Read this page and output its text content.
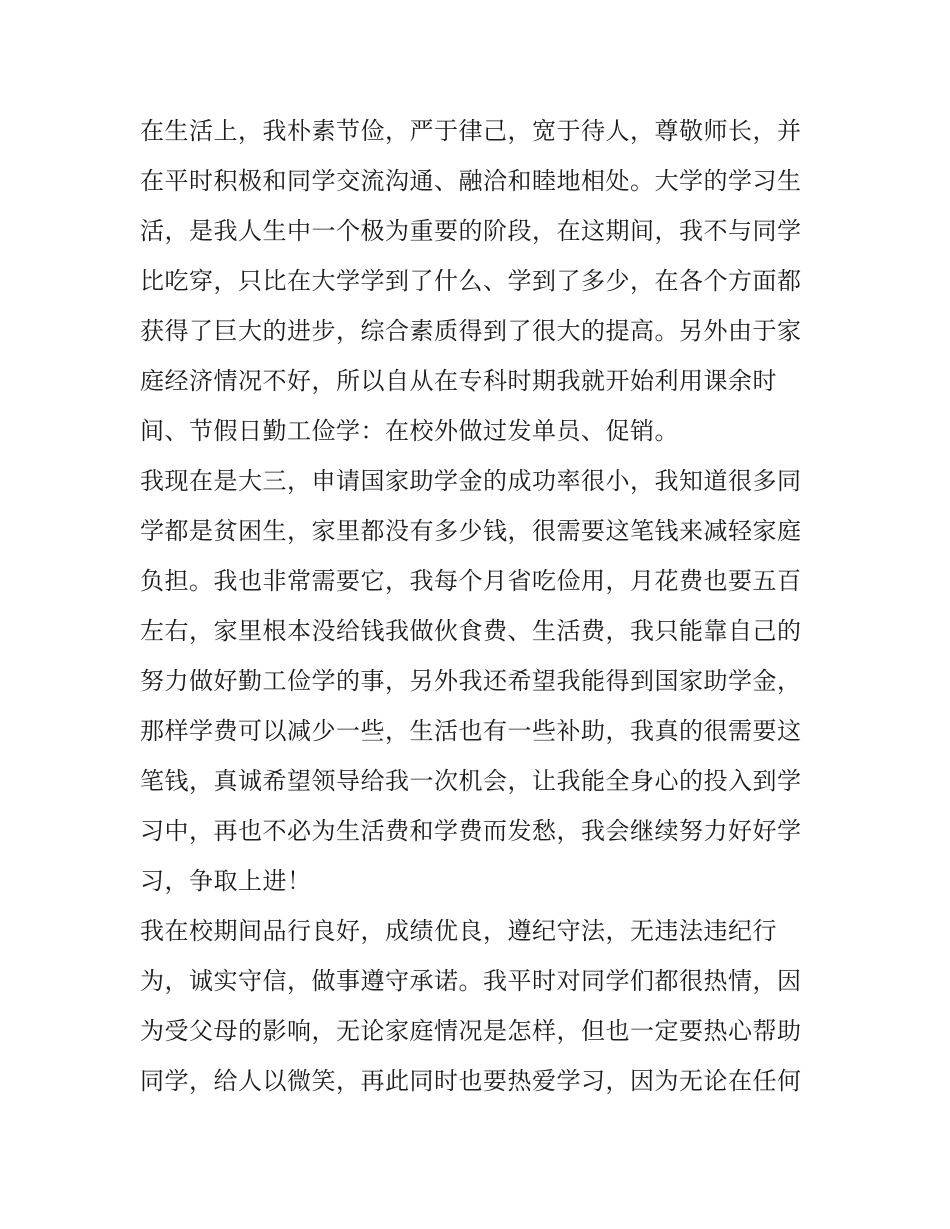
在生活上，我朴素节俭，严于律己，宽于待人，尊敬师长，并
在平时积极和同学交流沟通、融洽和睦地相处。大学的学习生
活，是我人生中一个极为重要的阶段，在这期间，我不与同学
比吃穿，只比在大学学到了什么、学到了多少，在各个方面都
获得了巨大的进步，综合素质得到了很大的提高。另外由于家
庭经济情况不好，所以自从在专科时期我就开始利用课余时
间、节假日勤工俭学：在校外做过发单员、促销。
我现在是大三，申请国家助学金的成功率很小，我知道很多同
学都是贫困生，家里都没有多少钱，很需要这笔钱来减轻家庭
负担。我也非常需要它，我每个月省吃俭用，月花费也要五百
左右，家里根本没给钱我做伙食费、生活费，我只能靠自己的
努力做好勤工俭学的事，另外我还希望我能得到国家助学金，
那样学费可以减少一些，生活也有一些补助，我真的很需要这
笔钱，真诚希望领导给我一次机会，让我能全身心的投入到学
习中，再也不必为生活费和学费而发愁，我会继续努力好好学
习，争取上进！
我在校期间品行良好，成绩优良，遵纪守法，无违法违纪行
为，诚实守信，做事遵守承诺。我平时对同学们都很热情，因
为受父母的影响，无论家庭情况是怎样，但也一定要热心帮助
同学，给人以微笑，再此同时也要热爱学习，因为无论在任何
